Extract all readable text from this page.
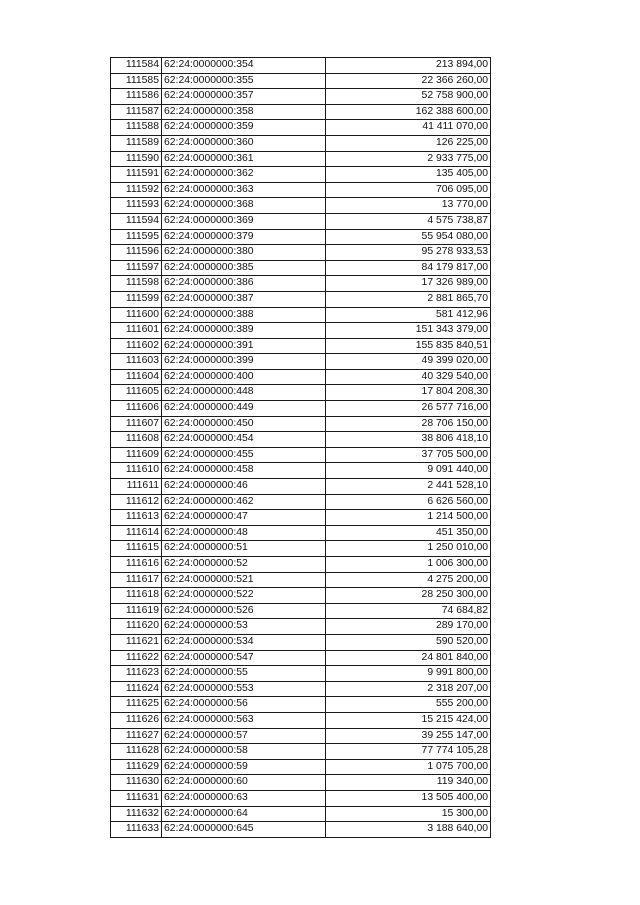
111584	62:24:0000000:354	213 894,00
111585	62:24:0000000:355	22 366 260,00
111586	62:24:0000000:357	52 758 900,00
111587	62:24:0000000:358	162 388 600,00
111588	62:24:0000000:359	41 411 070,00
111589	62:24:0000000:360	126 225,00
111590	62:24:0000000:361	2 933 775,00
111591	62:24:0000000:362	135 405,00
111592	62:24:0000000:363	706 095,00
111593	62:24:0000000:368	13 770,00
111594	62:24:0000000:369	4 575 738,87
111595	62:24:0000000:379	55 954 080,00
111596	62:24:0000000:380	95 278 933,53
111597	62:24:0000000:385	84 179 817,00
111598	62:24:0000000:386	17 326 989,00
111599	62:24:0000000:387	2 881 865,70
111600	62:24:0000000:388	581 412,96
111601	62:24:0000000:389	151 343 379,00
111602	62:24:0000000:391	155 835 840,51
111603	62:24:0000000:399	49 399 020,00
111604	62:24:0000000:400	40 329 540,00
111605	62:24:0000000:448	17 804 208,30
111606	62:24:0000000:449	26 577 716,00
111607	62:24:0000000:450	28 706 150,00
111608	62:24:0000000:454	38 806 418,10
111609	62:24:0000000:455	37 705 500,00
111610	62:24:0000000:458	9 091 440,00
111611	62:24:0000000:46	2 441 528,10
111612	62:24:0000000:462	6 626 560,00
111613	62:24:0000000:47	1 214 500,00
111614	62:24:0000000:48	451 350,00
111615	62:24:0000000:51	1 250 010,00
111616	62:24:0000000:52	1 006 300,00
111617	62:24:0000000:521	4 275 200,00
111618	62:24:0000000:522	28 250 300,00
111619	62:24:0000000:526	74 684,82
111620	62:24:0000000:53	289 170,00
111621	62:24:0000000:534	590 520,00
111622	62:24:0000000:547	24 801 840,00
111623	62:24:0000000:55	9 991 800,00
111624	62:24:0000000:553	2 318 207,00
111625	62:24:0000000:56	555 200,00
111626	62:24:0000000:563	15 215 424,00
111627	62:24:0000000:57	39 255 147,00
111628	62:24:0000000:58	77 774 105,28
111629	62:24:0000000:59	1 075 700,00
111630	62:24:0000000:60	119 340,00
111631	62:24:0000000:63	13 505 400,00
111632	62:24:0000000:64	15 300,00
111633	62:24:0000000:645	3 188 640,00
